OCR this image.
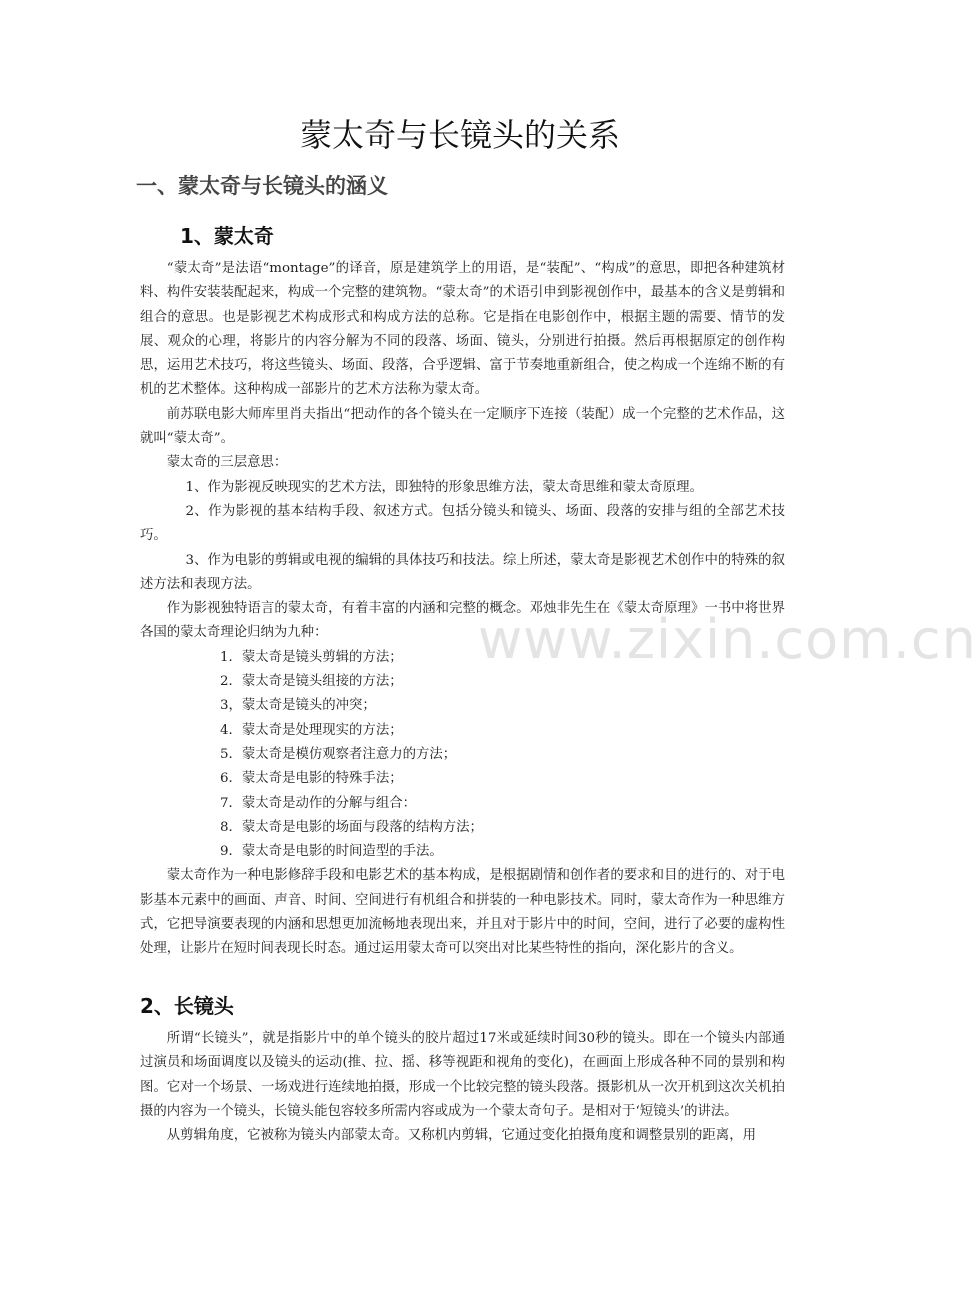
www.zixin.com.cn
蒙太奇与长镜头的关系
一、蒙太奇与长镜头的涵义
1、蒙太奇

“蒙太奇”是法语“montage”的译音，原是建筑学上的用语，是“装配”、“构成”的意思，即把各种建筑材料、构件安装装配起来，构成一个完整的建筑物。“蒙太奇”的术语引申到影视创作中，最基本的含义是剪辑和组合的意思。也是影视艺术构成形式和构成方法的总称。它是指在电影创作中，根据主题的需要、情节的发展、观众的心理，将影片的内容分解为不同的段落、场面、镜头，分别进行拍摄。然后再根据原定的创作构思，运用艺术技巧，将这些镜头、场面、段落，合乎逻辑、富于节奏地重新组合，使之构成一个连绵不断的有机的艺术整体。这种构成一部影片的艺术方法称为蒙太奇。

前苏联电影大师库里肖夫指出“把动作的各个镜头在一定顺序下连接（装配）成一个完整的艺术作品，这就叫“蒙太奇”。

蒙太奇的三层意思：

1、作为影视反映现实的艺术方法，即独特的形象思维方法，蒙太奇思维和蒙太奇原理。

2、作为影视的基本结构手段、叙述方式。包括分镜头和镜头、场面、段落的安排与组的全部艺术技巧。

3、作为电影的剪辑或电视的编辑的具体技巧和技法。综上所述，蒙太奇是影视艺术创作中的特殊的叙述方法和表现方法。

作为影视独特语言的蒙太奇，有着丰富的内涵和完整的概念。邓烛非先生在《蒙太奇原理》一书中将世界各国的蒙太奇理论归纳为九种：

1．蒙太奇是镜头剪辑的方法；

2．蒙太奇是镜头组接的方法；

3，蒙太奇是镜头的冲突；

4．蒙太奇是处理现实的方法；

5．蒙太奇是模仿观察者注意力的方法；

6．蒙太奇是电影的特殊手法；

7．蒙太奇是动作的分解与组合：

8．蒙太奇是电影的场面与段落的结构方法；

9．蒙太奇是电影的时间造型的手法。

蒙太奇作为一种电影修辞手段和电影艺术的基本构成，是根据剧情和创作者的要求和目的进行的、对于电影基本元素中的画面、声音、时间、空间进行有机组合和拼装的一种电影技术。同时，蒙太奇作为一种思维方式，它把导演要表现的内涵和思想更加流畅地表现出来，并且对于影片中的时间，空间，进行了必要的虚构性处理，让影片在短时间表现长时态。通过运用蒙太奇可以突出对比某些特性的指向，深化影片的含义。

2、长镜头

所谓“长镜头”，就是指影片中的单个镜头的胶片超过17米或延续时间30秒的镜头。即在一个镜头内部通过演员和场面调度以及镜头的运动(推、拉、摇、移等视距和视角的变化)，在画面上形成各种不同的景别和构图。它对一个场景、一场戏进行连续地拍摄，形成一个比较完整的镜头段落。摄影机从一次开机到这次关机拍摄的内容为一个镜头，长镜头能包容较多所需内容或成为一个蒙太奇句子。是相对于‘短镜头’的讲法。

从剪辑角度，它被称为镜头内部蒙太奇。又称机内剪辑，它通过变化拍摄角度和调整景别的距离，用
